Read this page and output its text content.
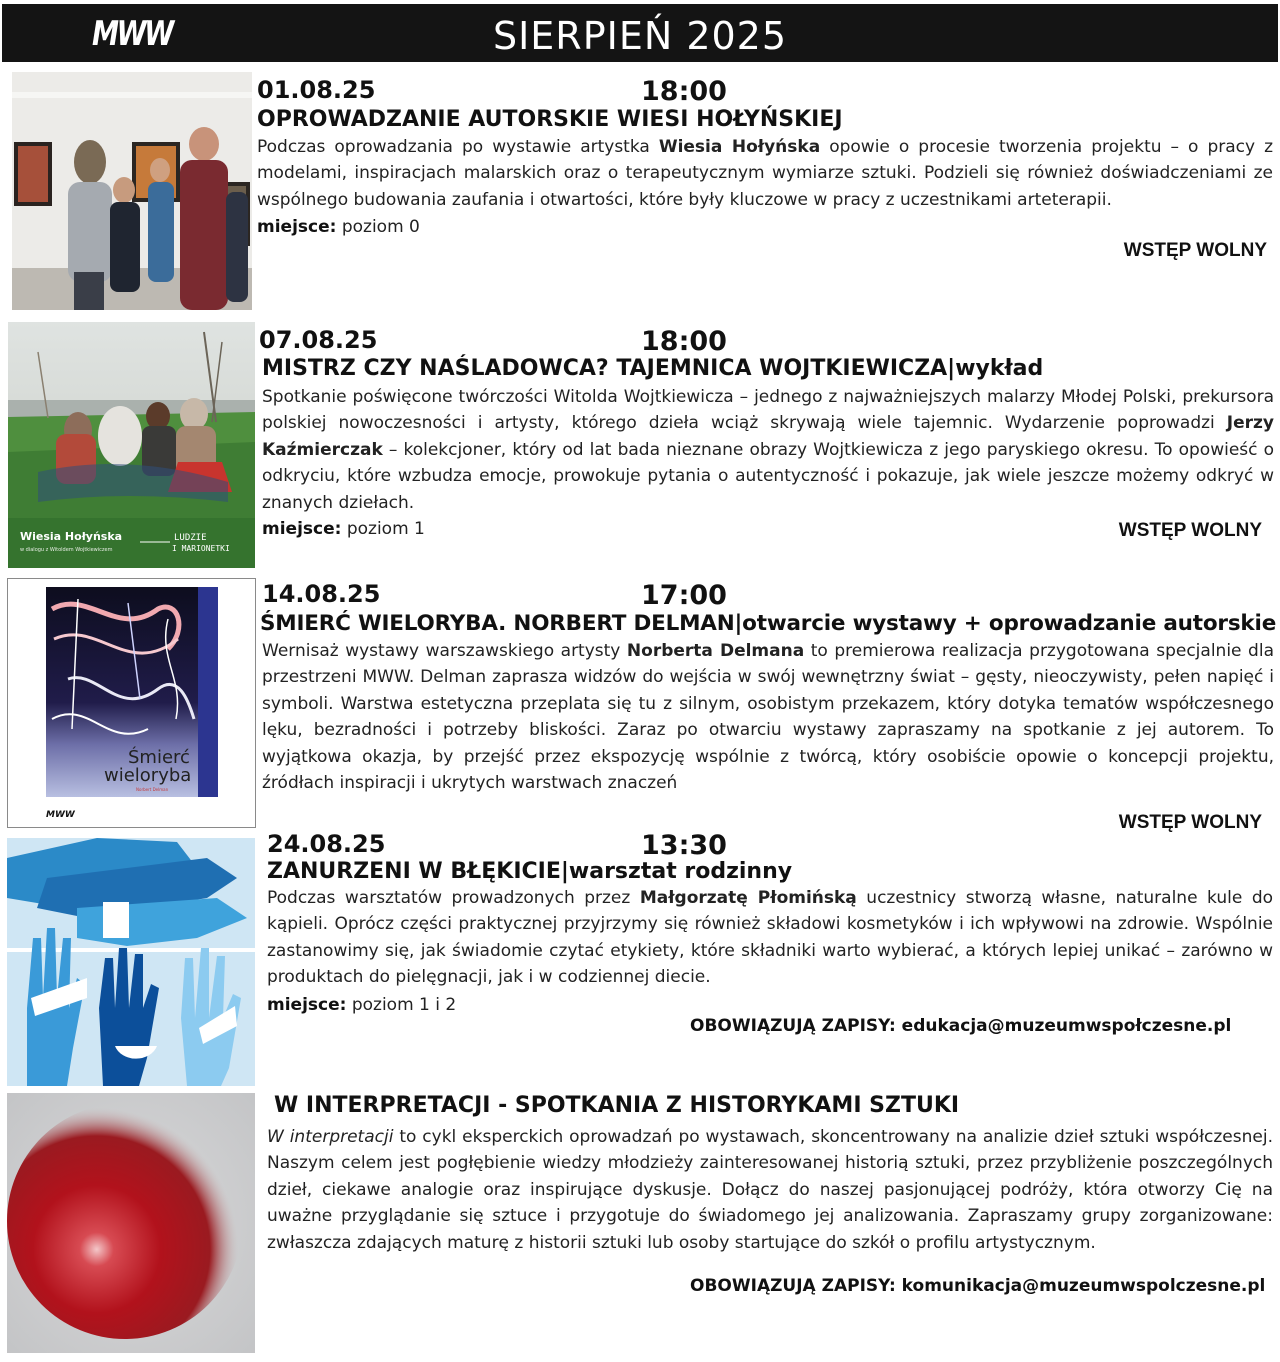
MWW	SIERPIEŃ 2025
01.08.25	18:00
OPROWADZANIE AUTORSKIE WIESI HOŁYŃSKIEJ

Podczas oprowadzania po wystawie artystka Wiesia Hołyńska opowie o procesie tworzenia projektu – o pracy z modelami, inspiracjach malarskich oraz o terapeutycznym wymiarze sztuki. Podzieli się również doświadczeniami ze wspólnego budowania zaufania i otwartości, które były kluczowe w pracy z uczestnikami arteterapii.

miejsce: poziom 0
WSTĘP WOLNY
Wiesia Hołyńska
w dialogu z Witoldem Wojtkiewiczem
LUDZIE
I MARIONETKI
07.08.25	18:00
MISTRZ CZY NAŚLADOWCA? TAJEMNICA WOJTKIEWICZA|wykład

Spotkanie poświęcone twórczości Witolda Wojtkiewicza – jednego z najważniejszych malarzy Młodej Polski, prekursora polskiej nowoczesności i artysty, którego dzieła wciąż skrywają wiele tajemnic. Wydarzenie poprowadzi Jerzy Kaźmierczak – kolekcjoner, który od lat bada nieznane obrazy Wojtkiewicza z jego paryskiego okresu. To opowieść o odkryciu, które wzbudza emocje, prowokuje pytania o autentyczność i pokazuje, jak wiele jeszcze możemy odkryć w znanych dziełach.

miejsce: poziom 1	WSTĘP WOLNY
Śmierć
wieloryba
Norbert Delman
MWW
14.08.25	17:00
ŚMIERĆ WIELORYBA. NORBERT DELMAN|otwarcie wystawy + oprowadzanie autorskie

Wernisaż wystawy warszawskiego artysty Norberta Delmana to premierowa realizacja przygotowana specjalnie dla przestrzeni MWW. Delman zaprasza widzów do wejścia w swój wewnętrzny świat – gęsty, nieoczywisty, pełen napięć i symboli. Warstwa estetyczna przeplata się tu z silnym, osobistym przekazem, który dotyka tematów współczesnego lęku, bezradności i potrzeby bliskości. Zaraz po otwarciu wystawy zapraszamy na spotkanie z jej autorem. To wyjątkowa okazja, by przejść przez ekspozycję wspólnie z twórcą, który osobiście opowie o koncepcji projektu, źródłach inspiracji i ukrytych warstwach znaczeń

WSTĘP WOLNY
24.08.25	13:30
ZANURZENI W BŁĘKICIE|warsztat rodzinny

Podczas warsztatów prowadzonych przez Małgorzatę Płomińską uczestnicy stworzą własne, naturalne kule do kąpieli. Oprócz części praktycznej przyjrzymy się również składowi kosmetyków i ich wpływowi na zdrowie. Wspólnie zastanowimy się, jak świadomie czytać etykiety, które składniki warto wybierać, a których lepiej unikać – zarówno w produktach do pielęgnacji, jak i w codziennej diecie.

miejsce: poziom 1 i 2
OBOWIĄZUJĄ ZAPISY: edukacja@muzeumwspołczesne.pl
W INTERPRETACJI - SPOTKANIA Z HISTORYKAMI SZTUKI

W interpretacji to cykl eksperckich oprowadzań po wystawach, skoncentrowany na analizie dzieł sztuki współczesnej. Naszym celem jest pogłębienie wiedzy młodzieży zainteresowanej historią sztuki, przez przybliżenie poszczególnych dzieł, ciekawe analogie oraz inspirujące dyskusje. Dołącz do naszej pasjonującej podróży, która otworzy Cię na uważne przyglądanie się sztuce i przygotuje do świadomego jej analizowania. Zapraszamy grupy zorganizowane: zwłaszcza zdających maturę z historii sztuki lub osoby startujące do szkół o profilu artystycznym.

OBOWIĄZUJĄ ZAPISY: komunikacja@muzeumwspolczesne.pl
